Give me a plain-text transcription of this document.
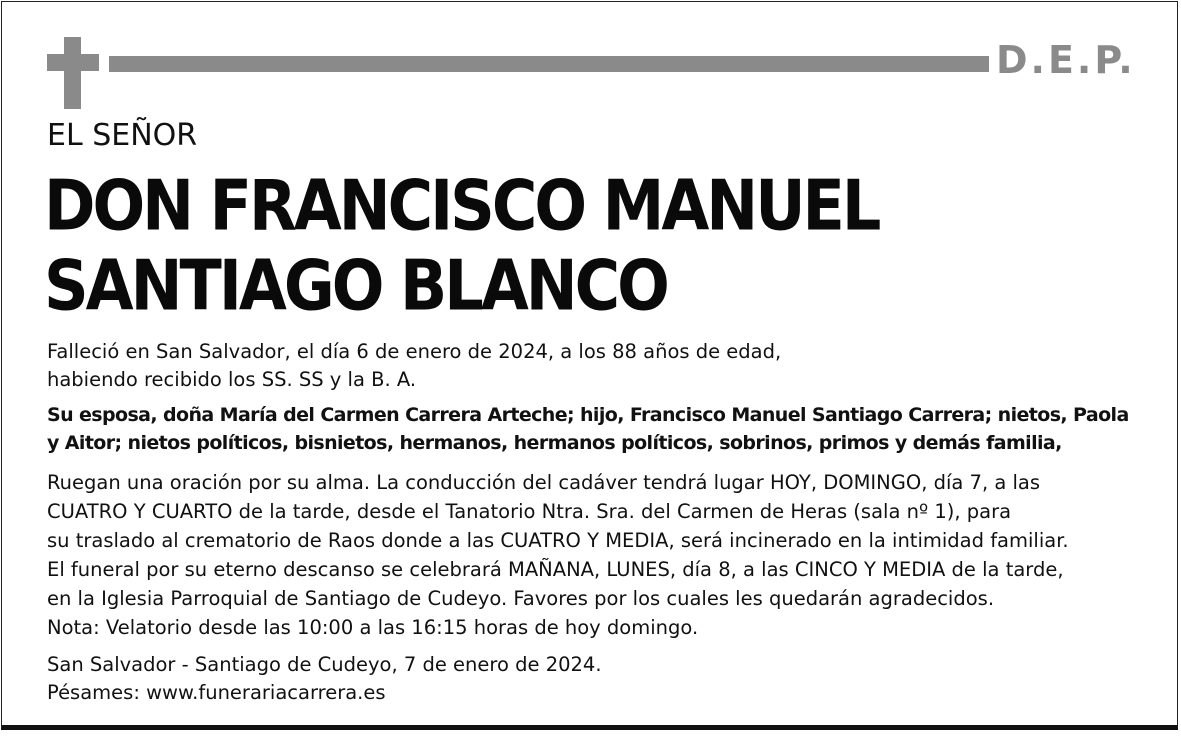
D.E.P.
EL SEÑOR
DON FRANCISCO MANUEL
SANTIAGO BLANCO

Falleció en San Salvador, el día 6 de enero de 2024, a los 88 años de edad,
habiendo recibido los SS. SS y la B. A.

Su esposa, doña María del Carmen Carrera Arteche; hijo, Francisco Manuel Santiago Carrera; nietos, Paola
y Aitor; nietos políticos, bisnietos, hermanos, hermanos políticos, sobrinos, primos y demás familia,

Ruegan una oración por su alma. La conducción del cadáver tendrá lugar HOY, DOMINGO, día 7, a las
CUATRO Y CUARTO de la tarde, desde el Tanatorio Ntra. Sra. del Carmen de Heras (sala nº 1), para
su traslado al crematorio de Raos donde a las CUATRO Y MEDIA, será incinerado en la intimidad familiar.
El funeral por su eterno descanso se celebrará MAÑANA, LUNES, día 8, a las CINCO Y MEDIA de la tarde,
en la Iglesia Parroquial de Santiago de Cudeyo. Favores por los cuales les quedarán agradecidos.
Nota: Velatorio desde las 10:00 a las 16:15 horas de hoy domingo.

San Salvador - Santiago de Cudeyo, 7 de enero de 2024.
Pésames: www.funerariacarrera.es
